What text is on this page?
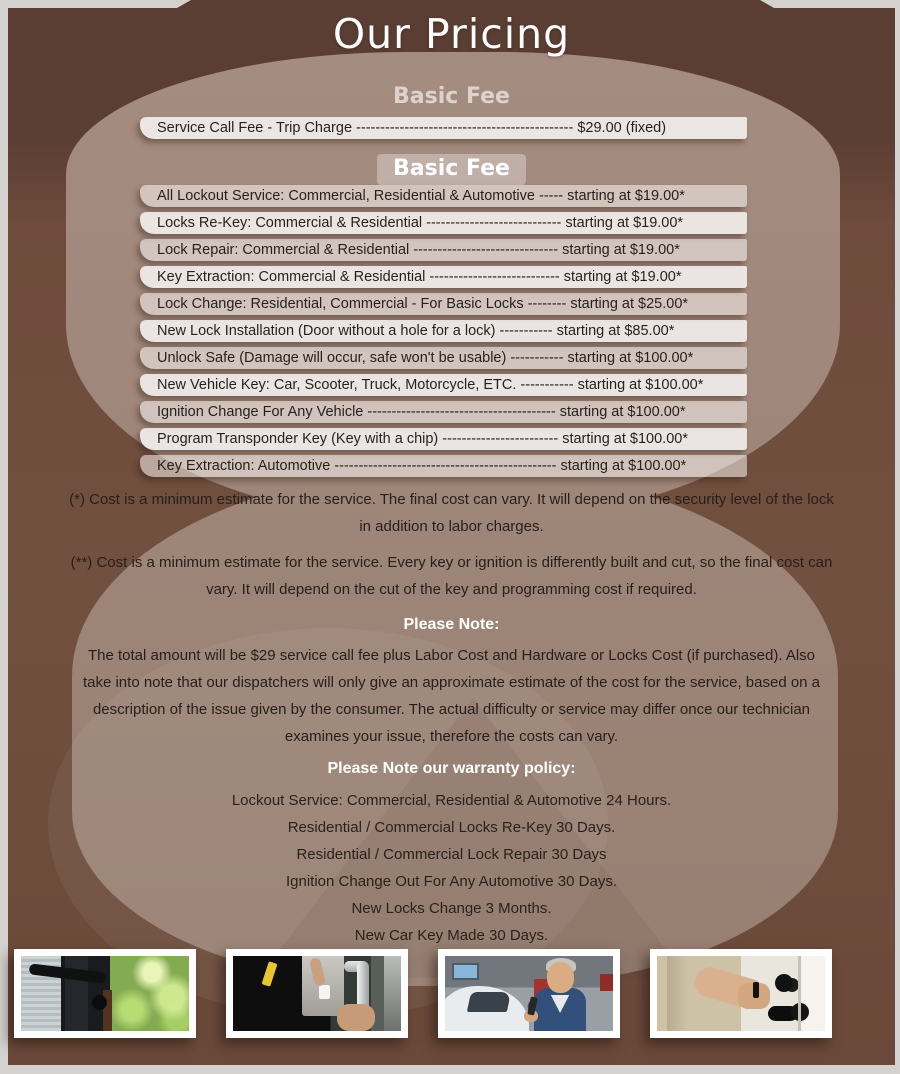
Our Pricing
Basic Fee
Service Call Fee - Trip Charge --------------------------------------------- $29.00 (fixed)
Basic Fee
All Lockout Service: Commercial, Residential & Automotive ----- starting at $19.00*
Locks Re-Key: Commercial & Residential ---------------------------- starting at $19.00*
Lock Repair: Commercial & Residential ------------------------------ starting at $19.00*
Key Extraction: Commercial & Residential --------------------------- starting at $19.00*
Lock Change: Residential, Commercial - For Basic Locks -------- starting at $25.00*
New Lock Installation (Door without a hole for a lock) ----------- starting at $85.00*
Unlock Safe (Damage will occur, safe won't be usable) ----------- starting at $100.00*
New Vehicle Key: Car, Scooter, Truck, Motorcycle, ETC. ----------- starting at $100.00*
Ignition Change For Any Vehicle --------------------------------------- starting at $100.00*
Program Transponder Key (Key with a chip) ------------------------ starting at $100.00*
Key Extraction: Automotive ---------------------------------------------- starting at $100.00*
(*) Cost is a minimum estimate for the service. The final cost can vary. It will depend on the security level of the lock in addition to labor charges.
(**) Cost is a minimum estimate for the service. Every key or ignition is differently built and cut, so the final cost can vary. It will depend on the cut of the key and programming cost if required.
Please Note:
The total amount will be $29 service call fee plus Labor Cost and Hardware or Locks Cost (if purchased). Also take into note that our dispatchers will only give an approximate estimate of the cost for the service, based on a description of the issue given by the consumer. The actual difficulty or service may differ once our technician examines your issue, therefore the costs can vary.
Please Note our warranty policy:
Lockout Service: Commercial, Residential & Automotive 24 Hours.
Residential / Commercial Locks Re-Key 30 Days.
Residential / Commercial Lock Repair 30 Days
Ignition Change Out For Any Automotive 30 Days.
New Locks Change 3 Months.
New Car Key Made 30 Days.
